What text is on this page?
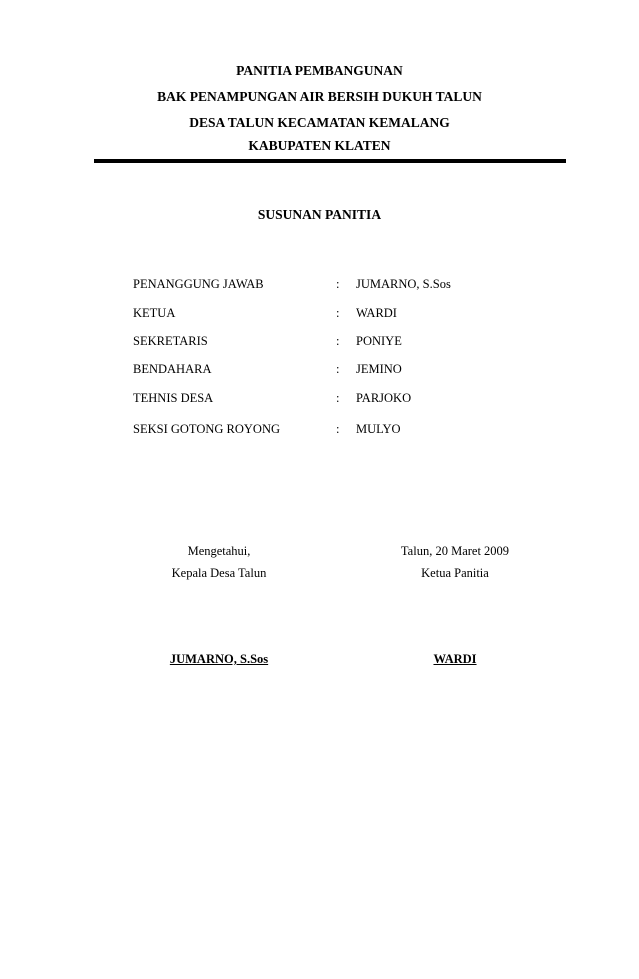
PANITIA PEMBANGUNAN
BAK PENAMPUNGAN AIR BERSIH DUKUH TALUN
DESA TALUN KECAMATAN KEMALANG
KABUPATEN KLATEN
SUSUNAN PANITIA
PENANGGUNG JAWAB	: JUMARNO, S.Sos
KETUA	: WARDI
SEKRETARIS	: PONIYE
BENDAHARA	: JEMINO
TEHNIS DESA	: PARJOKO
SEKSI GOTONG ROYONG	: MULYO
Mengetahui,
Kepala Desa Talun
JUMARNO, S.Sos
Talun, 20 Maret 2009
Ketua Panitia
WARDI
